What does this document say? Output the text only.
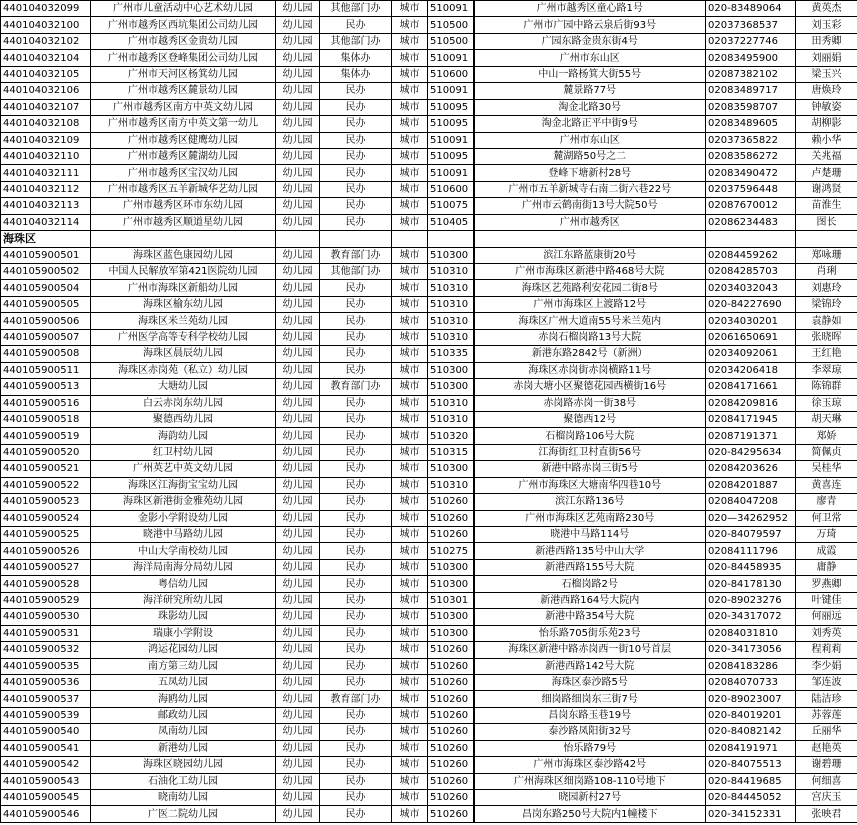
440104032099	广州市儿童活动中心艺术幼儿园	幼儿园	其他部门办	城市	510091	广州市越秀区童心路1号	020-83489064	黄英杰
440104032100	广州市越秀区西坑集团公司幼儿园	幼儿园	民办	城市	510500	广州市广园中路云泉后街93号	02037368537	刘玉彩
440104032102	广州市越秀区金贵幼儿园	幼儿园	其他部门办	城市	510500	广园东路金贵东街4号	02037227746	田秀卿
440104032104	广州市越秀区登峰集团公司幼儿园	幼儿园	集体办	城市	510091	广州市东山区	02083495900	刘丽娟
440104032105	广州市天河区杨箕幼儿园	幼儿园	集体办	城市	510600	中山一路杨箕大街55号	02087382102	梁玉兴
440104032106	广州市越秀区麓景幼儿园	幼儿园	民办	城市	510091	麓景路77号	02083489717	唐焕玲
440104032107	广州市越秀区南方中英文幼儿园	幼儿园	民办	城市	510095	淘金北路30号	02083598707	钟敏姿
440104032108	广州市越秀区南方中英文第一幼儿	幼儿园	民办	城市	510095	淘金北路正平中街9号	02083489605	胡柳影
440104032109	广州市越秀区健鹰幼儿园	幼儿园	民办	城市	510091	广州市东山区	02037365822	赖小华
440104032110	广州市越秀区麓湖幼儿园	幼儿园	民办	城市	510095	麓湖路50号之二	02083586272	关兆福
440104032111	广州市越秀区宝汉幼儿园	幼儿园	民办	城市	510091	登峰下塘新村28号	02083490472	卢楚珊
440104032112	广州市越秀区五羊新城华艺幼儿园	幼儿园	民办	城市	510600	广州市五羊新城寺右南二街六巷22号	02037596448	谢鸿贤
440104032113	广州市越秀区环市东幼儿园	幼儿园	民办	城市	510075	广州市云鹤南街13号大院50号	02087670012	苗淮生
440104032114	广州市越秀区顺道星幼儿园	幼儿园	民办	城市	510405	广州市越秀区	02086234483	图长
海珠区								
440105900501	海珠区蓝色康园幼儿园	幼儿园	教育部门办	城市	510300	滨江东路蓝康街20号	02084459262	郑咏珊
440105900502	中国人民解放军第421医院幼儿园	幼儿园	其他部门办	城市	510310	广州市海珠区新港中路468号大院	02084285703	肖琍
440105900504	广州市海珠区新船幼儿园	幼儿园	民办	城市	510310	海珠区艺苑路利安花园二街8号	02034032043	刘惠玲
440105900505	海珠区榆东幼儿园	幼儿园	民办	城市	510310	广州市海珠区上渡路12号	020-84227690	梁锦玲
440105900506	海珠区米兰苑幼儿园	幼儿园	民办	城市	510310	海珠区广州大道南55号米兰苑内	02034030201	袁静如
440105900507	广州医学高等专科学校幼儿园	幼儿园	民办	城市	510310	赤岗石榴岗路13号大院	02061650691	张晓晖
440105900508	海珠区晨辰幼儿园	幼儿园	民办	城市	510335	新港东路2842号（新洲）	02034092061	王红艳
440105900511	海珠区赤岗苑（私立）幼儿园	幼儿园	民办	城市	510300	海珠区赤岗街赤岗横路11号	02034206418	李翠琼
440105900513	大塘幼儿园	幼儿园	教育部门办	城市	510300	赤岗大塘小区聚德花园西横街16号	02084171661	陈锦群
440105900516	白云赤岗东幼儿园	幼儿园	民办	城市	510310	赤岗路赤岗一街38号	02084209816	徐玉琼
440105900518	聚德西幼儿园	幼儿园	民办	城市	510310	聚德西12号	02084171945	胡天琳
440105900519	海韵幼儿园	幼儿园	民办	城市	510320	石榴岗路106号大院	02087191371	郑娇
440105900520	红卫村幼儿园	幼儿园	民办	城市	510315	江海街红卫村直街56号	020-84295634	简佩贞
440105900521	广州英艺中英文幼儿园	幼儿园	民办	城市	510300	新港中路赤岗三街5号	02084203626	吴桂华
440105900522	海珠区江海街宝宝幼儿园	幼儿园	民办	城市	510310	广州市海珠区大塘南华四巷10号	02084201887	黄喜连
440105900523	海珠区新港街金雅苑幼儿园	幼儿园	民办	城市	510260	滨江东路136号	02084047208	廖青
440105900524	金影小学附设幼儿园	幼儿园	民办	城市	510260	广州市海珠区艺苑南路230号	020—34262952	何卫常
440105900525	晓港中马路幼儿园	幼儿园	民办	城市	510260	晓港中马路114号	020-84079597	万琦
440105900526	中山大学南校幼儿园	幼儿园	民办	城市	510275	新港西路135号中山大学	02084111796	成霞
440105900527	海洋局南海分局幼儿园	幼儿园	民办	城市	510300	新港西路155号大院	020-84458935	庸静
440105900528	粤信幼儿园	幼儿园	民办	城市	510300	石榴岗路2号	020-84178130	罗燕卿
440105900529	海洋研究所幼儿园	幼儿园	民办	城市	510301	新港西路164号大院内	020-89023276	叶键佳
440105900530	珠影幼儿园	幼儿园	民办	城市	510300	新港中路354号大院	020-34317072	何丽远
440105900531	瑞康小学附设	幼儿园	民办	城市	510300	怡乐路705街乐苑23号	02084031810	刘秀英
440105900532	鸿运花园幼儿园	幼儿园	民办	城市	510260	海珠区新港中路赤岗西一街10号首层	020-34173056	程莉莉
440105900535	南方第三幼儿园	幼儿园	民办	城市	510260	新港西路142号大院	02084183286	李少娟
440105900536	五凤幼儿园	幼儿园	民办	城市	510260	海珠区泰沙路5号	02084070733	邹连波
440105900537	海鸥幼儿园	幼儿园	教育部门办	城市	510260	细岗路细岗东三街7号	020-89023007	陆洁珍
440105900539	邮政幼儿园	幼儿园	民办	城市	510260	昌岗东路玉巷19号	020-84019201	苏蓉莲
440105900540	凤南幼儿园	幼儿园	民办	城市	510260	泰沙路凤阳街32号	020-84082142	丘丽华
440105900541	新港幼儿园	幼儿园	民办	城市	510260	怡乐路79号	02084191971	赵艳英
440105900542	海珠区晓园幼儿园	幼儿园	民办	城市	510260	广州市海珠区泰沙路42号	020-84075513	谢碧珊
440105900543	石油化工幼儿园	幼儿园	民办	城市	510260	广州海珠区细岗路108-110号地下	020-84419685	何细喜
440105900545	晓南幼儿园	幼儿园	民办	城市	510260	晓园新村27号	020-84445052	宫庆玉
440105900546	广医二院幼儿园	幼儿园	民办	城市	510260	昌岗东路250号大院内1幢楼下	020-34152331	张映君
